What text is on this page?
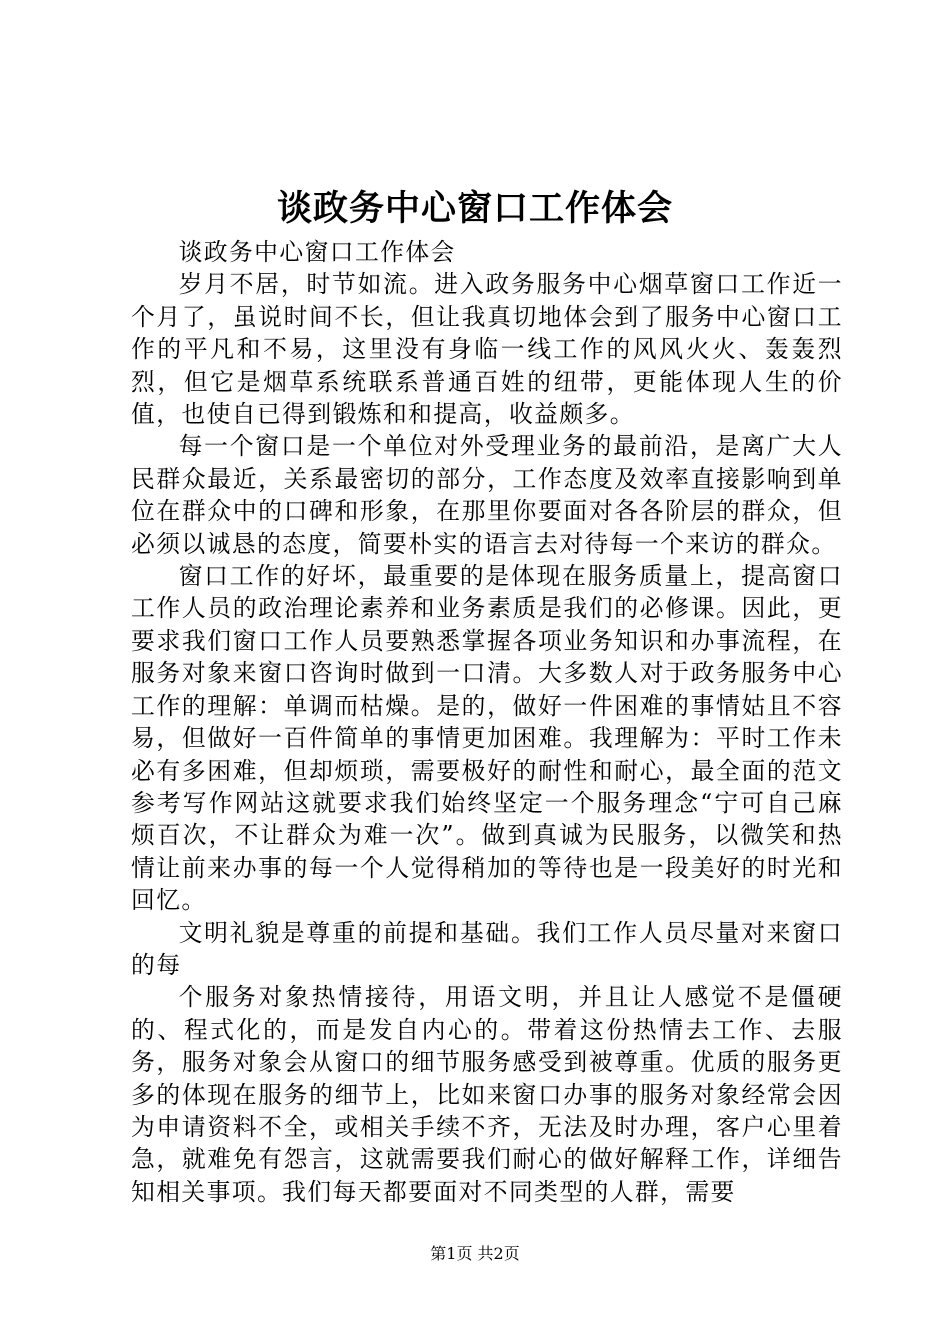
谈政务中心窗口工作体会

谈政务中心窗口工作体会

岁月不居，时节如流。进入政务服务中心烟草窗口工作近一个月了，虽说时间不长，但让我真切地体会到了服务中心窗口工作的平凡和不易，这里没有身临一线工作的风风火火、轰轰烈烈，但它是烟草系统联系普通百姓的纽带，更能体现人生的价值，也使自已得到锻炼和和提高，收益颇多。

每一个窗口是一个单位对外受理业务的最前沿，是离广大人民群众最近，关系最密切的部分，工作态度及效率直接影响到单位在群众中的口碑和形象，在那里你要面对各各阶层的群众，但必须以诚恳的态度，简要朴实的语言去对待每一个来访的群众。

窗口工作的好坏，最重要的是体现在服务质量上，提高窗口工作人员的政治理论素养和业务素质是我们的必修课。因此，更要求我们窗口工作人员要熟悉掌握各项业务知识和办事流程，在服务对象来窗口咨询时做到一口清。大多数人对于政务服务中心工作的理解：单调而枯燥。是的，做好一件困难的事情姑且不容易，但做好一百件简单的事情更加困难。我理解为：平时工作未必有多困难，但却烦琐，需要极好的耐性和耐心，最全面的范文参考写作网站这就要求我们始终坚定一个服务理念“宁可自己麻烦百次，不让群众为难一次”。做到真诚为民服务，以微笑和热情让前来办事的每一个人觉得稍加的等待也是一段美好的时光和回忆。

文明礼貌是尊重的前提和基础。我们工作人员尽量对来窗口的每

个服务对象热情接待，用语文明，并且让人感觉不是僵硬的、程式化的，而是发自内心的。带着这份热情去工作、去服务，服务对象会从窗口的细节服务感受到被尊重。优质的服务更多的体现在服务的细节上，比如来窗口办事的服务对象经常会因为申请资料不全，或相关手续不齐，无法及时办理，客户心里着急，就难免有怨言，这就需要我们耐心的做好解释工作，详细告知相关事项。我们每天都要面对不同类型的人群，需要

第1页 共2页
